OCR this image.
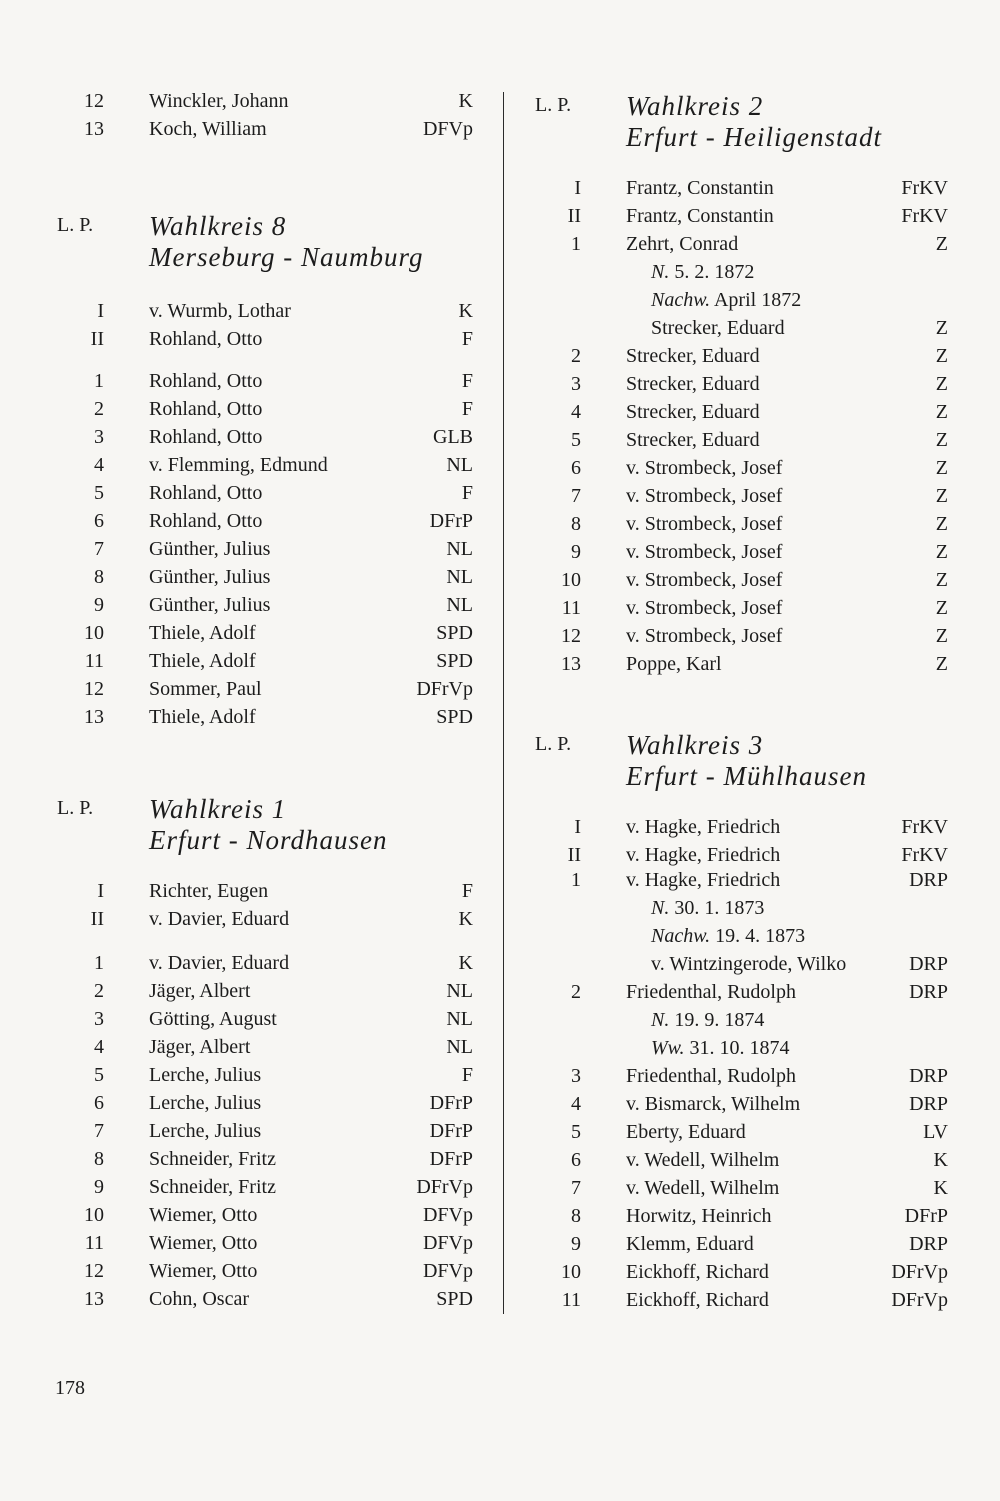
12 Winckler, Johann	K
13 Koch, William	DFVp
L. P. Wahlkreis 8
Merseburg - Naumburg
I v. Wurmb, Lothar	K
II Rohland, Otto	F
1 Rohland, Otto	F
2 Rohland, Otto	F
3 Rohland, Otto	GLB
4 v. Flemming, Edmund	NL
5 Rohland, Otto	F
6 Rohland, Otto	DFrP
7 Günther, Julius	NL
8 Günther, Julius	NL
9 Günther, Julius	NL
10 Thiele, Adolf	SPD
11 Thiele, Adolf	SPD
12 Sommer, Paul	DFrVp
13 Thiele, Adolf	SPD
L. P. Wahlkreis 1
Erfurt - Nordhausen
I Richter, Eugen	F
II v. Davier, Eduard	K
1 v. Davier, Eduard	K
2 Jäger, Albert	NL
3 Götting, August	NL
4 Jäger, Albert	NL
5 Lerche, Julius	F
6 Lerche, Julius	DFrP
7 Lerche, Julius	DFrP
8 Schneider, Fritz	DFrP
9 Schneider, Fritz	DFrVp
10 Wiemer, Otto	DFVp
11 Wiemer, Otto	DFVp
12 Wiemer, Otto	DFVp
13 Cohn, Oscar	SPD
L. P. Wahlkreis 2
Erfurt - Heiligenstadt
I Frantz, Constantin	FrKV
II Frantz, Constantin	FrKV
1 Zehrt, Conrad	Z
N. 5. 2. 1872
Nachw. April 1872
Strecker, Eduard	Z
2 Strecker, Eduard	Z
3 Strecker, Eduard	Z
4 Strecker, Eduard	Z
5 Strecker, Eduard	Z
6 v. Strombeck, Josef	Z
7 v. Strombeck, Josef	Z
8 v. Strombeck, Josef	Z
9 v. Strombeck, Josef	Z
10 v. Strombeck, Josef	Z
11 v. Strombeck, Josef	Z
12 v. Strombeck, Josef	Z
13 Poppe, Karl	Z
L. P. Wahlkreis 3
Erfurt - Mühlhausen
I v. Hagke, Friedrich	FrKV
II v. Hagke, Friedrich	FrKV
1 v. Hagke, Friedrich	DRP
N. 30. 1. 1873
Nachw. 19. 4. 1873
v. Wintzingerode, Wilko	DRP
2 Friedenthal, Rudolph	DRP
N. 19. 9. 1874
Ww. 31. 10. 1874
3 Friedenthal, Rudolph	DRP
4 v. Bismarck, Wilhelm	DRP
5 Eberty, Eduard	LV
6 v. Wedell, Wilhelm	K
7 v. Wedell, Wilhelm	K
8 Horwitz, Heinrich	DFrP
9 Klemm, Eduard	DRP
10 Eickhoff, Richard	DFrVp
11 Eickhoff, Richard	DFrVp
178
